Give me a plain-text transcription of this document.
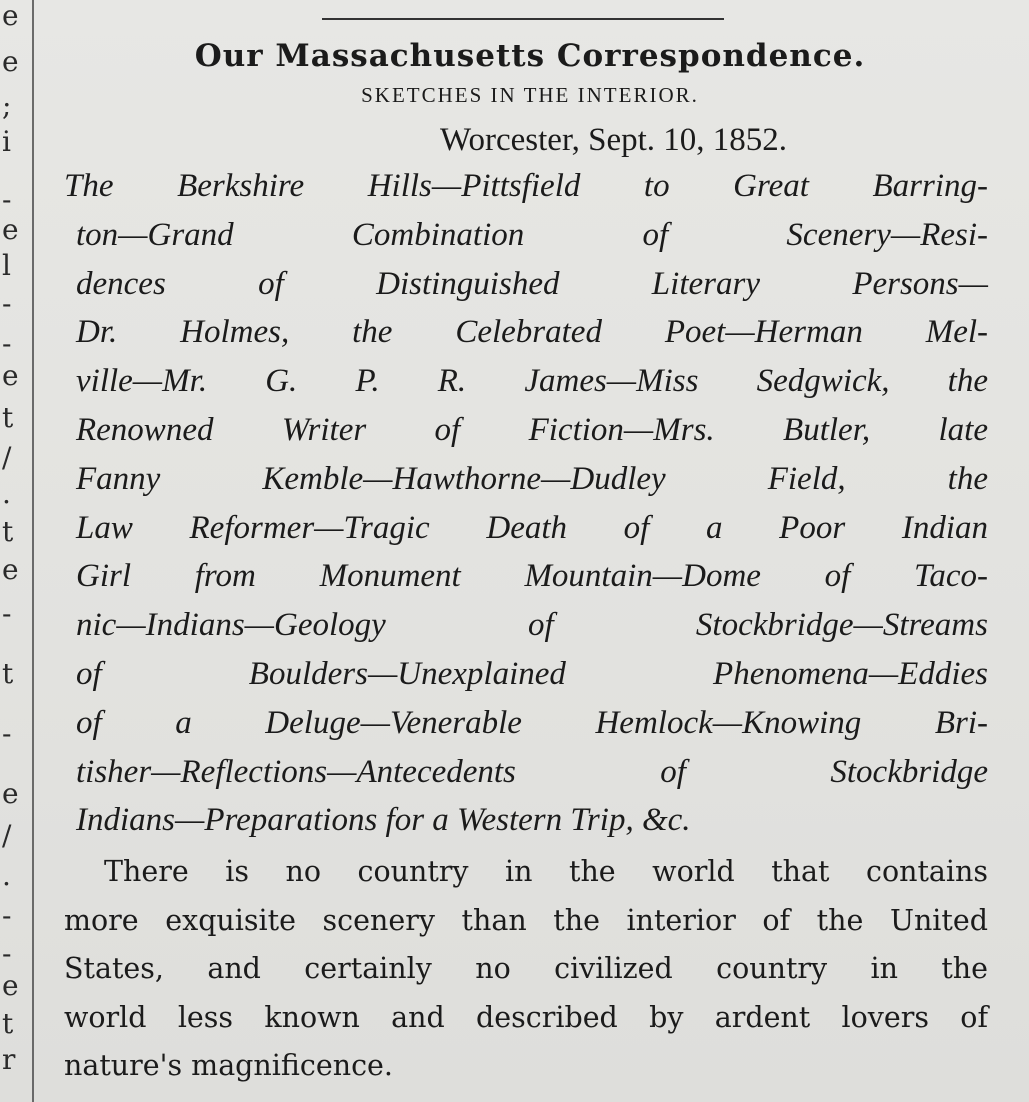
e
e
;
i
-
e
l
-
-
e
t
/
.
t
e
-
t
-
e
/
.
-
-
e
t
r
Our Massachusetts Correspondence.
SKETCHES IN THE INTERIOR.
Worcester, Sept. 10, 1852.
The Berkshire Hills—Pittsfield to Great Barring-
ton—Grand Combination of Scenery—Resi-
dences of Distinguished Literary Persons—
Dr. Holmes, the Celebrated Poet—Herman Mel-
ville—Mr. G. P. R. James—Miss Sedgwick, the
Renowned Writer of Fiction—Mrs. Butler, late
Fanny Kemble—Hawthorne—Dudley Field, the
Law Reformer—Tragic Death of a Poor Indian
Girl from Monument Mountain—Dome of Taco-
nic—Indians—Geology of Stockbridge—Streams
of Boulders—Unexplained Phenomena—Eddies
of a Deluge—Venerable Hemlock—Knowing Bri-
tisher—Reflections—Antecedents of Stockbridge
Indians—Preparations for a Western Trip, &c.
There is no country in the world that contains
more exquisite scenery than the interior of the United
States, and certainly no civilized country in the
world less known and described by ardent lovers of
nature's magnificence.
